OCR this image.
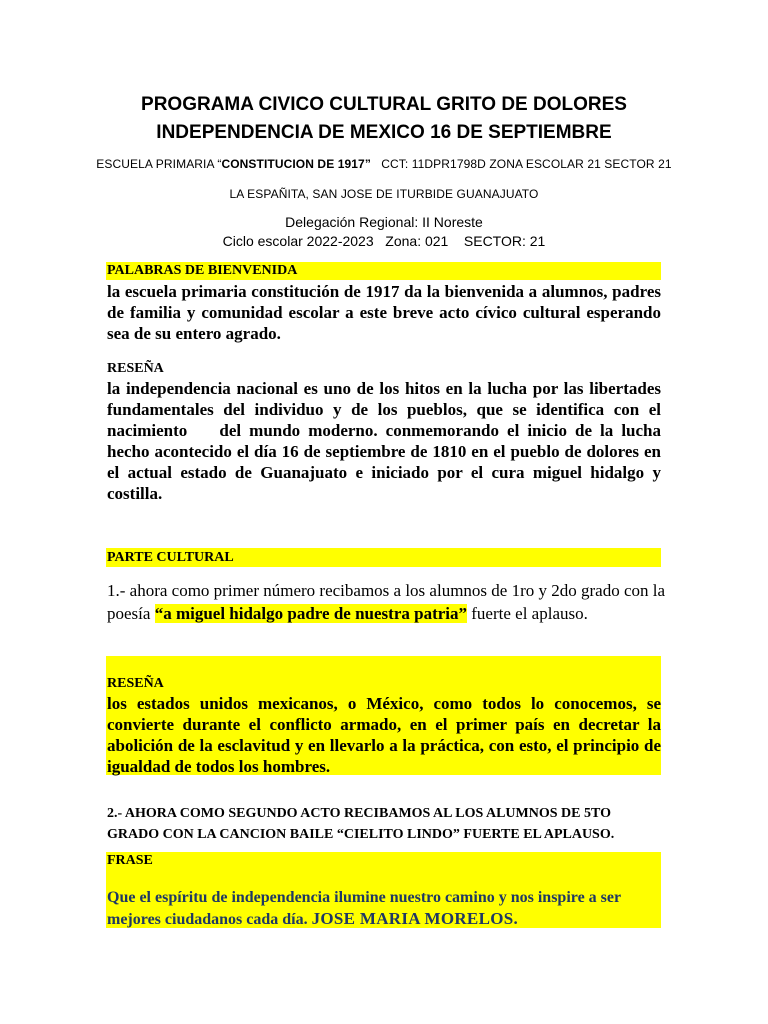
PROGRAMA CIVICO CULTURAL GRITO DE DOLORES
INDEPENDENCIA DE MEXICO 16 DE SEPTIEMBRE
ESCUELA PRIMARIA “CONSTITUCION DE 1917” CCT: 11DPR1798D ZONA ESCOLAR 21 SECTOR 21
LA ESPAÑITA, SAN JOSE DE ITURBIDE GUANAJUATO
Delegación Regional: II Noreste
Ciclo escolar 2022-2023   Zona: 021    SECTOR: 21
PALABRAS DE BIENVENIDA
la escuela primaria constitución de 1917 da la bienvenida a alumnos, padres de familia y comunidad escolar a este breve acto cívico cultural esperando sea de su entero agrado.
RESEÑA
la independencia nacional es uno de los hitos en la lucha por las libertades fundamentales del individuo y de los pueblos, que se identifica con el nacimiento    del mundo moderno. conmemorando el inicio de la lucha hecho acontecido el día 16 de septiembre de 1810 en el pueblo de dolores en el actual estado de Guanajuato e iniciado por el cura miguel hidalgo y costilla.
PARTE CULTURAL
1.- ahora como primer número recibamos a los alumnos de 1ro y 2do grado con la poesía “a miguel hidalgo padre de nuestra patria” fuerte el aplauso.
RESEÑA
los estados unidos mexicanos, o México, como todos lo conocemos, se convierte durante el conflicto armado, en el primer país en decretar la abolición de la esclavitud y en llevarlo a la práctica, con esto, el principio de igualdad de todos los hombres.
2.- AHORA COMO SEGUNDO ACTO RECIBAMOS AL LOS ALUMNOS DE 5TO
GRADO CON LA CANCION BAILE “CIELITO LINDO” FUERTE EL APLAUSO.
FRASE
Que el espíritu de independencia ilumine nuestro camino y nos inspire a ser mejores ciudadanos cada día. JOSE MARIA MORELOS.
